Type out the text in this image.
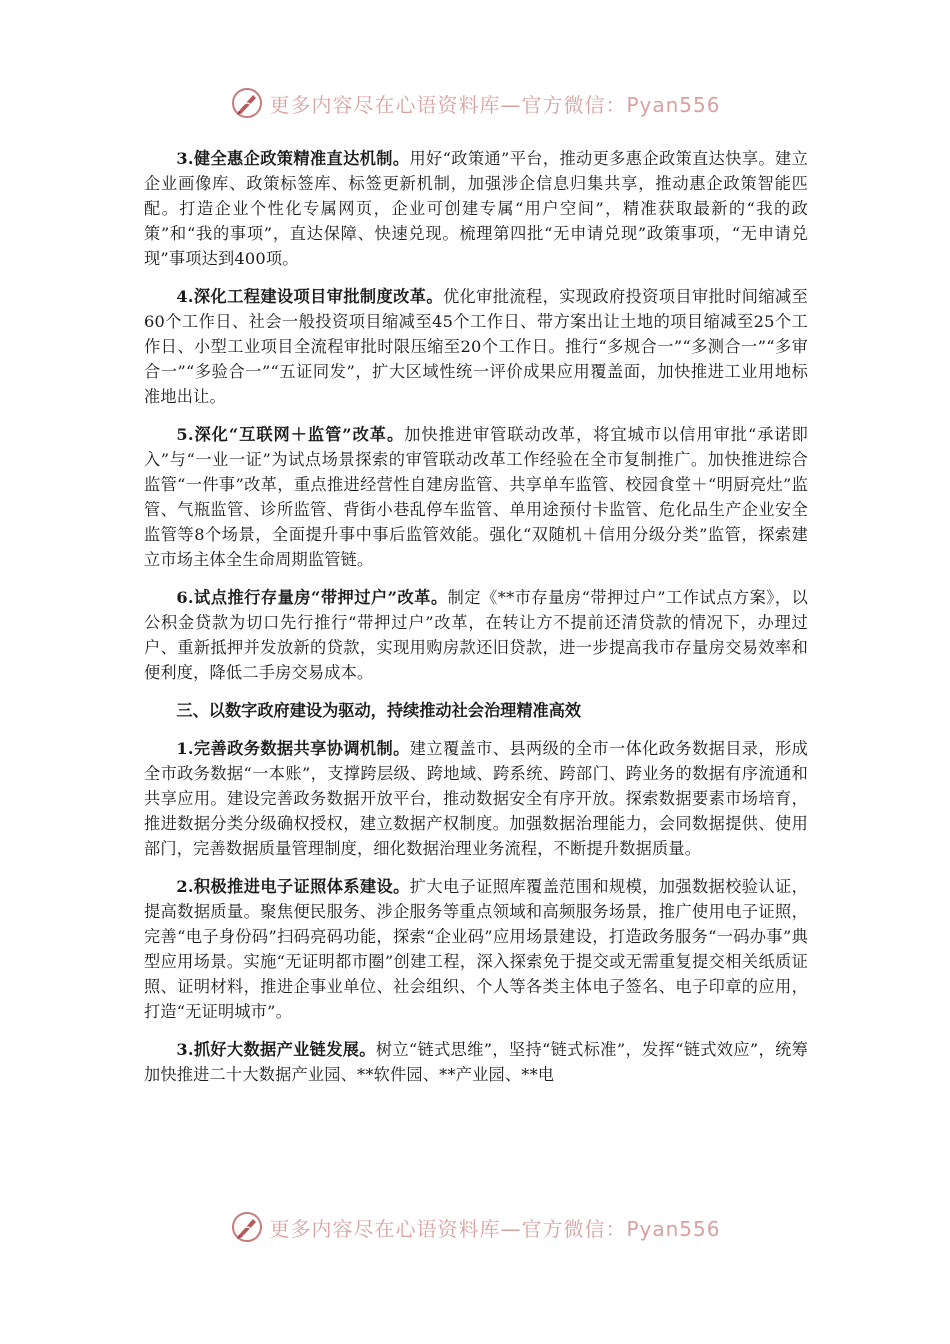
更多内容尽在心语资料库—官方微信：Pyan556

3.健全惠企政策精准直达机制。用好“政策通”平台，推动更多惠企政策直达快享。建立企业画像库、政策标签库、标签更新机制，加强涉企信息归集共享，推动惠企政策智能匹配。打造企业个性化专属网页，企业可创建专属“用户空间”，精准获取最新的“我的政策”和“我的事项”，直达保障、快速兑现。梳理第四批“无申请兑现”政策事项，“无申请兑现”事项达到400项。

4.深化工程建设项目审批制度改革。优化审批流程，实现政府投资项目审批时间缩减至60个工作日、社会一般投资项目缩减至45个工作日、带方案出让土地的项目缩减至25个工作日、小型工业项目全流程审批时限压缩至20个工作日。推行“多规合一”“多测合一”“多审合一”“多验合一”“五证同发”，扩大区域性统一评价成果应用覆盖面，加快推进工业用地标准地出让。

5.深化“互联网＋监管”改革。加快推进审管联动改革，将宜城市以信用审批“承诺即入”与“一业一证”为试点场景探索的审管联动改革工作经验在全市复制推广。加快推进综合监管“一件事”改革，重点推进经营性自建房监管、共享单车监管、校园食堂＋“明厨亮灶”监管、气瓶监管、诊所监管、背街小巷乱停车监管、单用途预付卡监管、危化品生产企业安全监管等8个场景，全面提升事中事后监管效能。强化“双随机＋信用分级分类”监管，探索建立市场主体全生命周期监管链。

6.试点推行存量房“带押过户”改革。制定《**市存量房“带押过户”工作试点方案》，以公积金贷款为切口先行推行“带押过户”改革，在转让方不提前还清贷款的情况下，办理过户、重新抵押并发放新的贷款，实现用购房款还旧贷款，进一步提高我市存量房交易效率和便利度，降低二手房交易成本。

三、以数字政府建设为驱动，持续推动社会治理精准高效

1.完善政务数据共享协调机制。建立覆盖市、县两级的全市一体化政务数据目录，形成全市政务数据“一本账”，支撑跨层级、跨地域、跨系统、跨部门、跨业务的数据有序流通和共享应用。建设完善政务数据开放平台，推动数据安全有序开放。探索数据要素市场培育，推进数据分类分级确权授权，建立数据产权制度。加强数据治理能力，会同数据提供、使用部门，完善数据质量管理制度，细化数据治理业务流程，不断提升数据质量。

2.积极推进电子证照体系建设。扩大电子证照库覆盖范围和规模，加强数据校验认证，提高数据质量。聚焦便民服务、涉企服务等重点领域和高频服务场景，推广使用电子证照，完善“电子身份码”扫码亮码功能，探索“企业码”应用场景建设，打造政务服务“一码办事”典型应用场景。实施“无证明都市圈”创建工程，深入探索免于提交或无需重复提交相关纸质证照、证明材料，推进企事业单位、社会组织、个人等各类主体电子签名、电子印章的应用，打造“无证明城市”。

3.抓好大数据产业链发展。树立“链式思维”，坚持“链式标准”，发挥“链式效应”，统筹加快推进二十大数据产业园、**软件园、**产业园、**电

更多内容尽在心语资料库—官方微信：Pyan556
